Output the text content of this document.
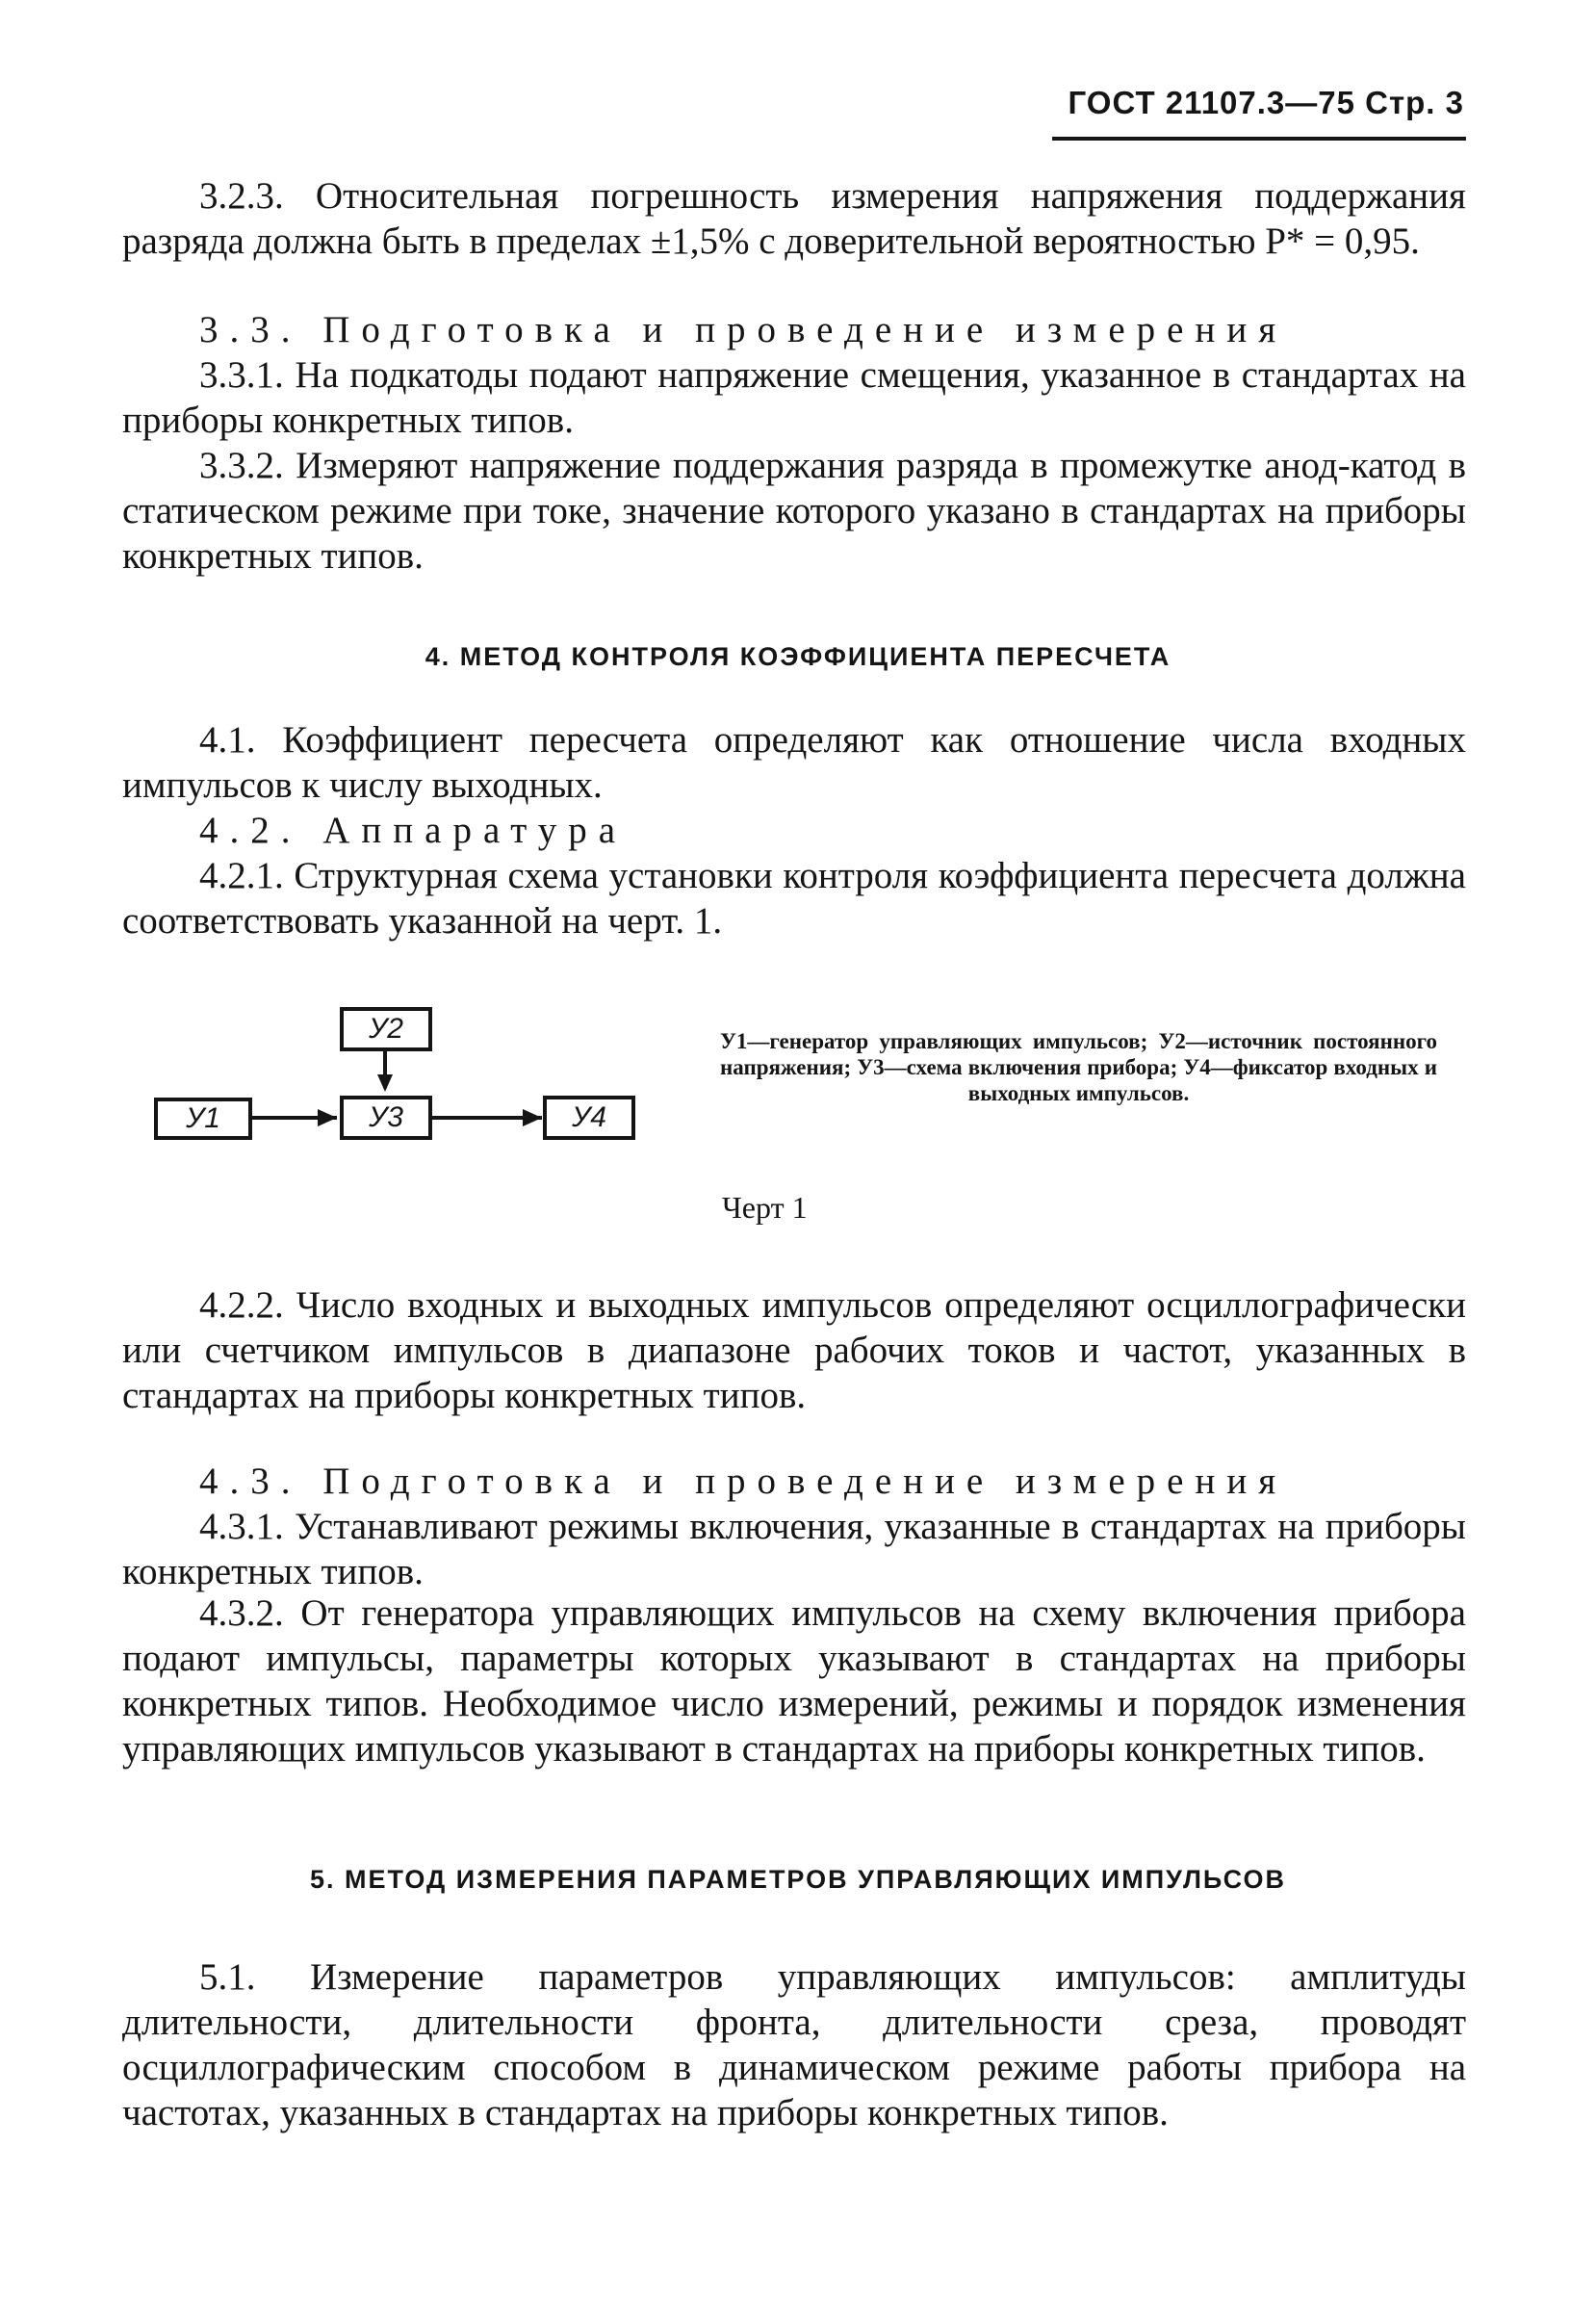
ГОСТ 21107.3—75 Стр. 3

3.2.3. Относительная погрешность измерения напряжения поддержания разряда должна быть в пределах ±1,5% с доверительной вероятностью P* = 0,95.

3.3. Подготовка и проведение измерения

3.3.1. На подкатоды подают напряжение смещения, указанное в стандартах на приборы конкретных типов.

3.3.2. Измеряют напряжение поддержания разряда в промежутке анод-катод в статическом режиме при токе, значение которого указано в стандартах на приборы конкретных типов.

4. МЕТОД КОНТРОЛЯ КОЭФФИЦИЕНТА ПЕРЕСЧЕТА

4.1. Коэффициент пересчета определяют как отношение числа входных импульсов к числу выходных.

4.2. Аппаратура

4.2.1. Структурная схема установки контроля коэффициента пересчета должна соответствовать указанной на черт. 1.

У1
У2
У3	У4
У1—генератор управляющих импульсов; У2—источник постоянного напряжения; У3—схема включения прибора; У4—фиксатор входных и выходных импульсов.
Черт 1

4.2.2. Число входных и выходных импульсов определяют осциллографически или счетчиком импульсов в диапазоне рабочих токов и частот, указанных в стандартах на приборы конкретных типов.

4.3. Подготовка и проведение измерения

4.3.1. Устанавливают режимы включения, указанные в стандартах на приборы конкретных типов.

4.3.2. От генератора управляющих импульсов на схему включения прибора подают импульсы, параметры которых указывают в стандартах на приборы конкретных типов. Необходимое число измерений, режимы и порядок изменения управляющих импульсов указывают в стандартах на приборы конкретных типов.

5. МЕТОД ИЗМЕРЕНИЯ ПАРАМЕТРОВ УПРАВЛЯЮЩИХ ИМПУЛЬСОВ

5.1. Измерение параметров управляющих импульсов: амплитуды длительности, длительности фронта, длительности среза, проводят осциллографическим способом в динамическом режиме работы прибора на частотах, указанных в стандартах на приборы конкретных типов.
